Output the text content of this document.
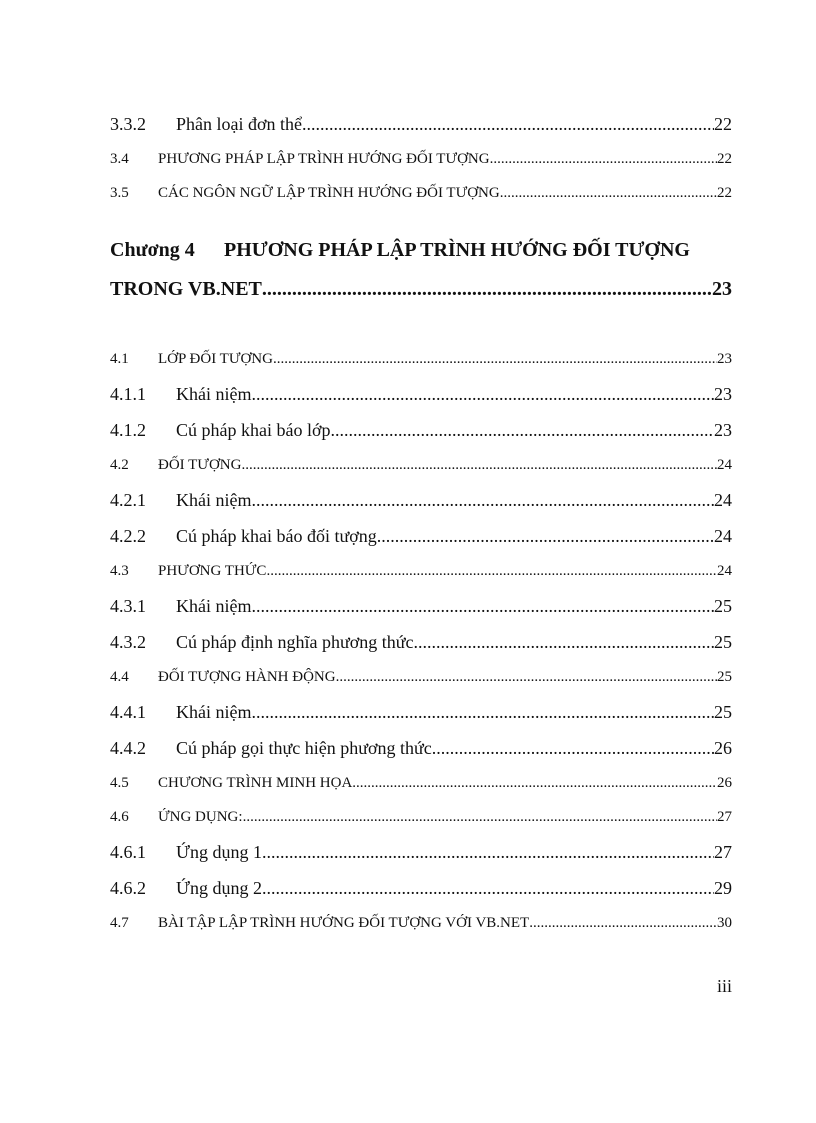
3.3.2	Phân loại đơn thể .....	22
3.4	PHƯƠNG PHÁP LẬP TRÌNH HƯỚNG ĐỐI TƯỢNG .....	22
3.5	CÁC NGÔN NGỮ LẬP TRÌNH HƯỚNG ĐỐI TƯỢNG .....	22
Chương 4 PHƯƠNG PHÁP LẬP TRÌNH HƯỚNG ĐỐI TƯỢNG
TRONG VB.NET .....	23
4.1	LỚP ĐỐI TƯỢNG .....	23
4.1.1	Khái niệm .....	23
4.1.2	Cú pháp khai báo lớp .....	23
4.2	ĐỐI TƯỢNG .....	24
4.2.1	Khái niệm .....	24
4.2.2	Cú pháp khai báo đối tượng .....	24
4.3	PHƯƠNG THỨC .....	24
4.3.1	Khái niệm .....	25
4.3.2	Cú pháp định nghĩa phương thức .....	25
4.4	ĐỐI TƯỢNG HÀNH ĐỘNG .....	25
4.4.1	Khái niệm .....	25
4.4.2	Cú pháp gọi thực hiện phương thức .....	26
4.5	CHƯƠNG TRÌNH MINH HỌA .....	26
4.6	ỨNG DỤNG: .....	27
4.6.1	Ứng dụng 1 .....	27
4.6.2	Ứng dụng 2 .....	29
4.7	BÀI TẬP LẬP TRÌNH HƯỚNG ĐỐI TƯỢNG VỚI VB.NET .....	30
iii
